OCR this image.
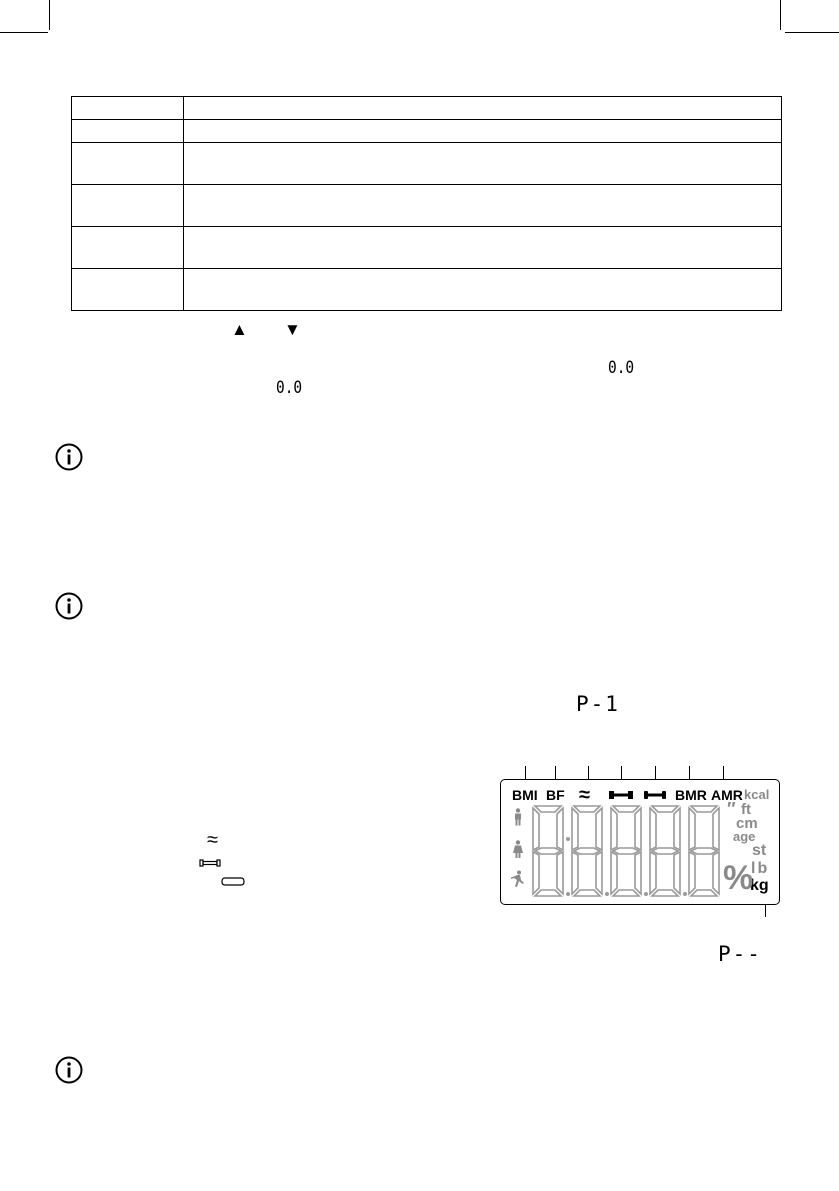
▲ ▼
0.0
0.0
P-1
≈
BMI BF ≈	BMR AMR kcal
″ ft
cm
age
st
lb
kg
%
P--
